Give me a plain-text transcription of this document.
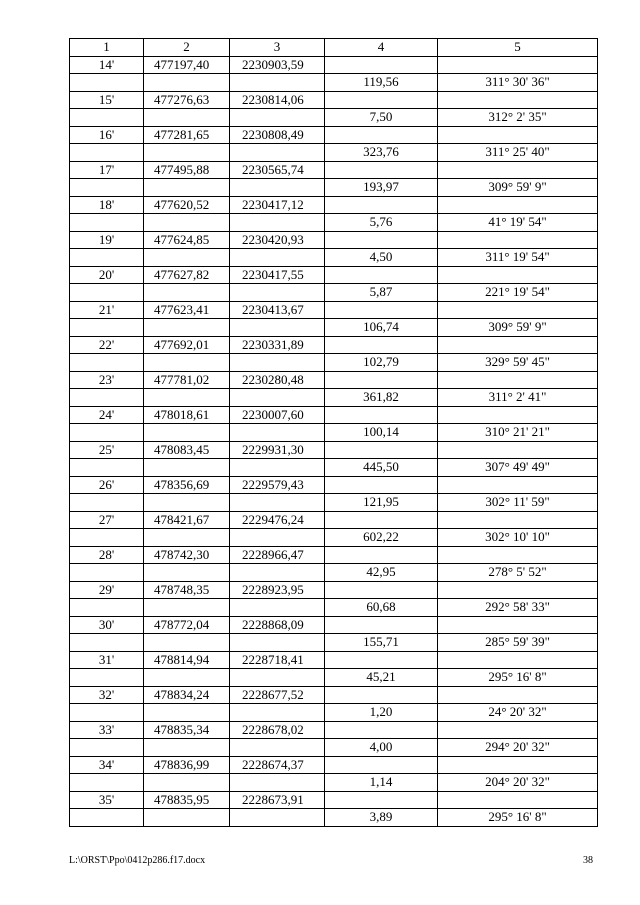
1	2	3	4	5
14'	477197,40	2230903,59		
			119,56	311° 30' 36"
15'	477276,63	2230814,06		
			7,50	312° 2' 35"
16'	477281,65	2230808,49		
			323,76	311° 25' 40"
17'	477495,88	2230565,74		
			193,97	309° 59' 9"
18'	477620,52	2230417,12		
			5,76	41° 19' 54"
19'	477624,85	2230420,93		
			4,50	311° 19' 54"
20'	477627,82	2230417,55		
			5,87	221° 19' 54"
21'	477623,41	2230413,67		
			106,74	309° 59' 9"
22'	477692,01	2230331,89		
			102,79	329° 59' 45"
23'	477781,02	2230280,48		
			361,82	311° 2' 41"
24'	478018,61	2230007,60		
			100,14	310° 21' 21"
25'	478083,45	2229931,30		
			445,50	307° 49' 49"
26'	478356,69	2229579,43		
			121,95	302° 11' 59"
27'	478421,67	2229476,24		
			602,22	302° 10' 10"
28'	478742,30	2228966,47		
			42,95	278° 5' 52"
29'	478748,35	2228923,95		
			60,68	292° 58' 33"
30'	478772,04	2228868,09		
			155,71	285° 59' 39"
31'	478814,94	2228718,41		
			45,21	295° 16' 8"
32'	478834,24	2228677,52		
			1,20	24° 20' 32"
33'	478835,34	2228678,02		
			4,00	294° 20' 32"
34'	478836,99	2228674,37		
			1,14	204° 20' 32"
35'	478835,95	2228673,91		
			3,89	295° 16' 8"
L:\ORST\Ppo\0412p286.f17.docx	38
